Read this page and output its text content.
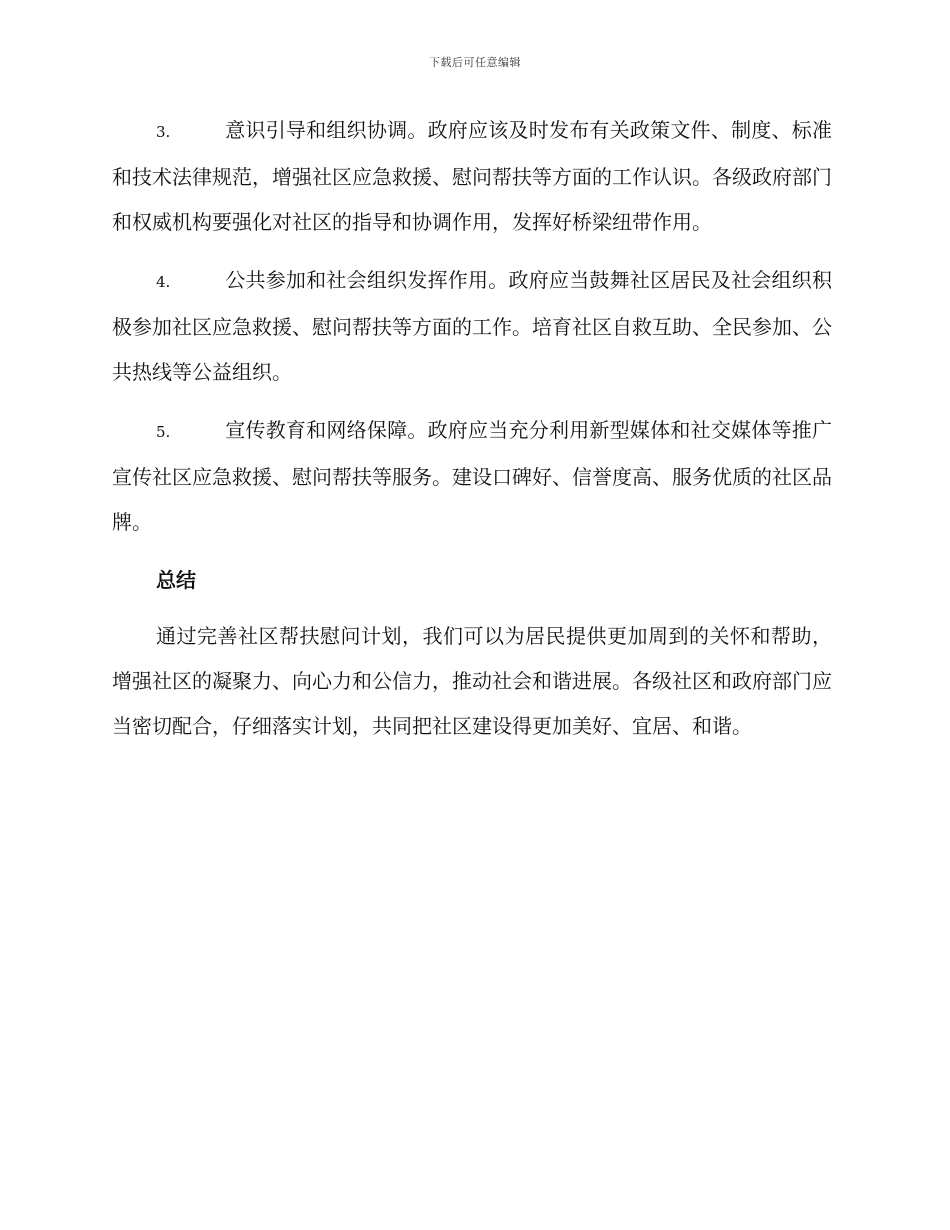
下载后可任意编辑

3.	意识引导和组织协调。政府应该及时发布有关政策文件、制度、标准和技术法律规范，增强社区应急救援、慰问帮扶等方面的工作认识。各级政府部门和权威机构要强化对社区的指导和协调作用，发挥好桥梁纽带作用。

4.	公共参加和社会组织发挥作用。政府应当鼓舞社区居民及社会组织积极参加社区应急救援、慰问帮扶等方面的工作。培育社区自救互助、全民参加、公共热线等公益组织。

5.	宣传教育和网络保障。政府应当充分利用新型媒体和社交媒体等推广宣传社区应急救援、慰问帮扶等服务。建设口碑好、信誉度高、服务优质的社区品牌。

总结

通过完善社区帮扶慰问计划，我们可以为居民提供更加周到的关怀和帮助，增强社区的凝聚力、向心力和公信力，推动社会和谐进展。各级社区和政府部门应当密切配合，仔细落实计划，共同把社区建设得更加美好、宜居、和谐。
